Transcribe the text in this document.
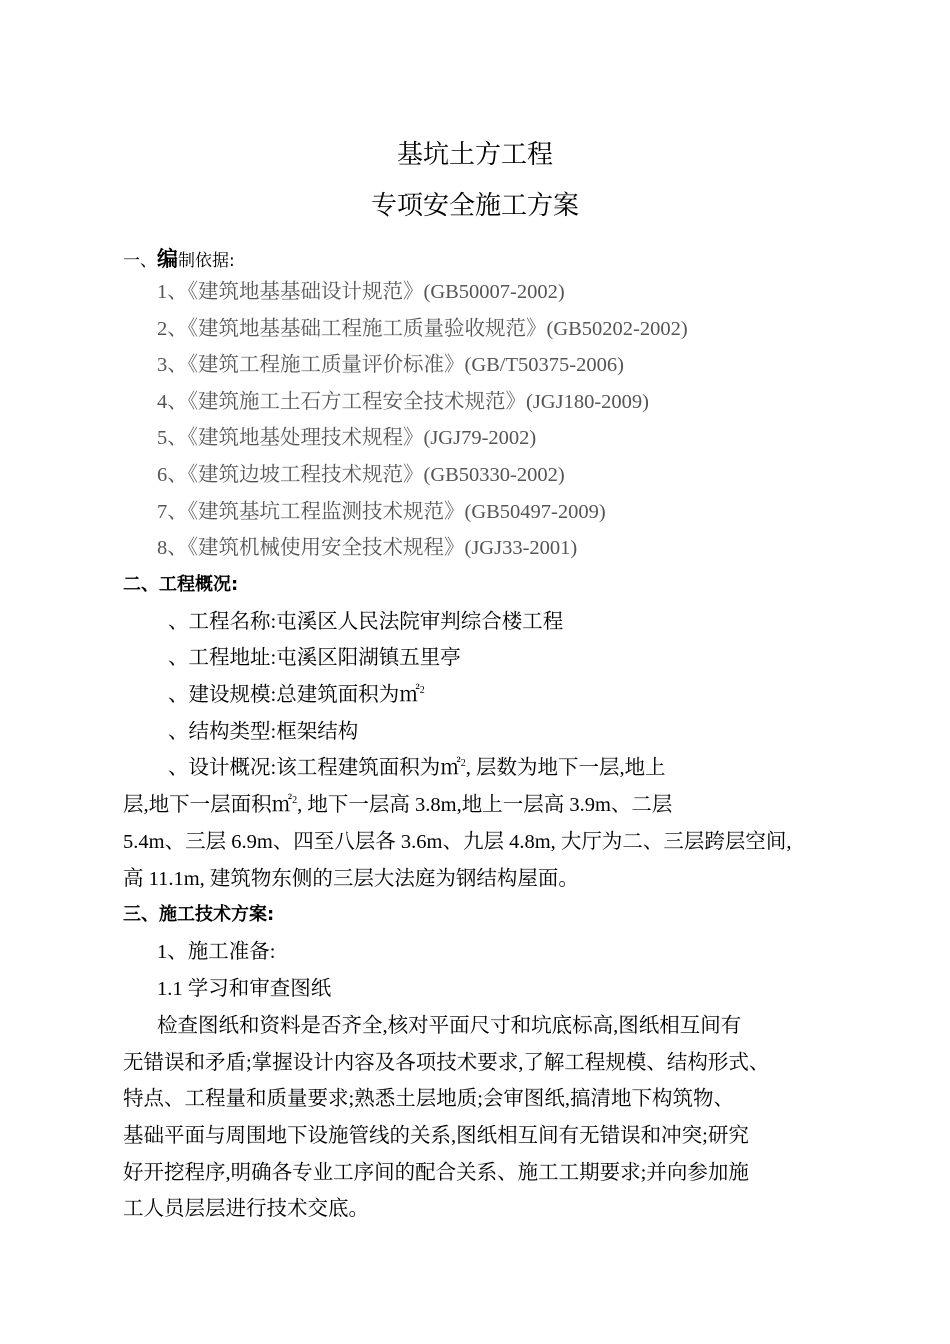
基坑土方工程
专项安全施工方案
一、编制依据:
1、《建筑地基基础设计规范》(GB50007-2002)
2、《建筑地基基础工程施工质量验收规范》(GB50202-2002)
3、《建筑工程施工质量评价标准》(GB/T50375-2006)
4、《建筑施工土石方工程安全技术规范》(JGJ180-2009)
5、《建筑地基处理技术规程》(JGJ79-2002)
6、《建筑边坡工程技术规范》(GB50330-2002)
7、《建筑基坑工程监测技术规范》(GB50497-2009)
8、《建筑机械使用安全技术规程》(JGJ33-2001)
二、工程概况:
、工程名称:屯溪区人民法院审判综合楼工程
、工程地址:屯溪区阳湖镇五里亭
、建设规模:总建筑面积为㎡$^2$
、结构类型:框架结构
、设计概况:该工程建筑面积为㎡$^2$, 层数为地下一层,地上
层,地下一层面积㎡$^2$, 地下一层高 3.8m,地上一层高 3.9m、二层
5.4m、三层 6.9m、四至八层各 3.6m、九层 4.8m, 大厅为二、三层跨层空间,
高 11.1m, 建筑物东侧的三层大法庭为钢结构屋面。
三、施工技术方案:
1、施工准备:
1.1 学习和审查图纸
检查图纸和资料是否齐全,核对平面尺寸和坑底标高,图纸相互间有
无错误和矛盾;掌握设计内容及各项技术要求,了解工程规模、结构形式、
特点、工程量和质量要求;熟悉土层地质;会审图纸,搞清地下构筑物、
基础平面与周围地下设施管线的关系,图纸相互间有无错误和冲突;研究
好开挖程序,明确各专业工序间的配合关系、施工工期要求;并向参加施
工人员层层进行技术交底。
